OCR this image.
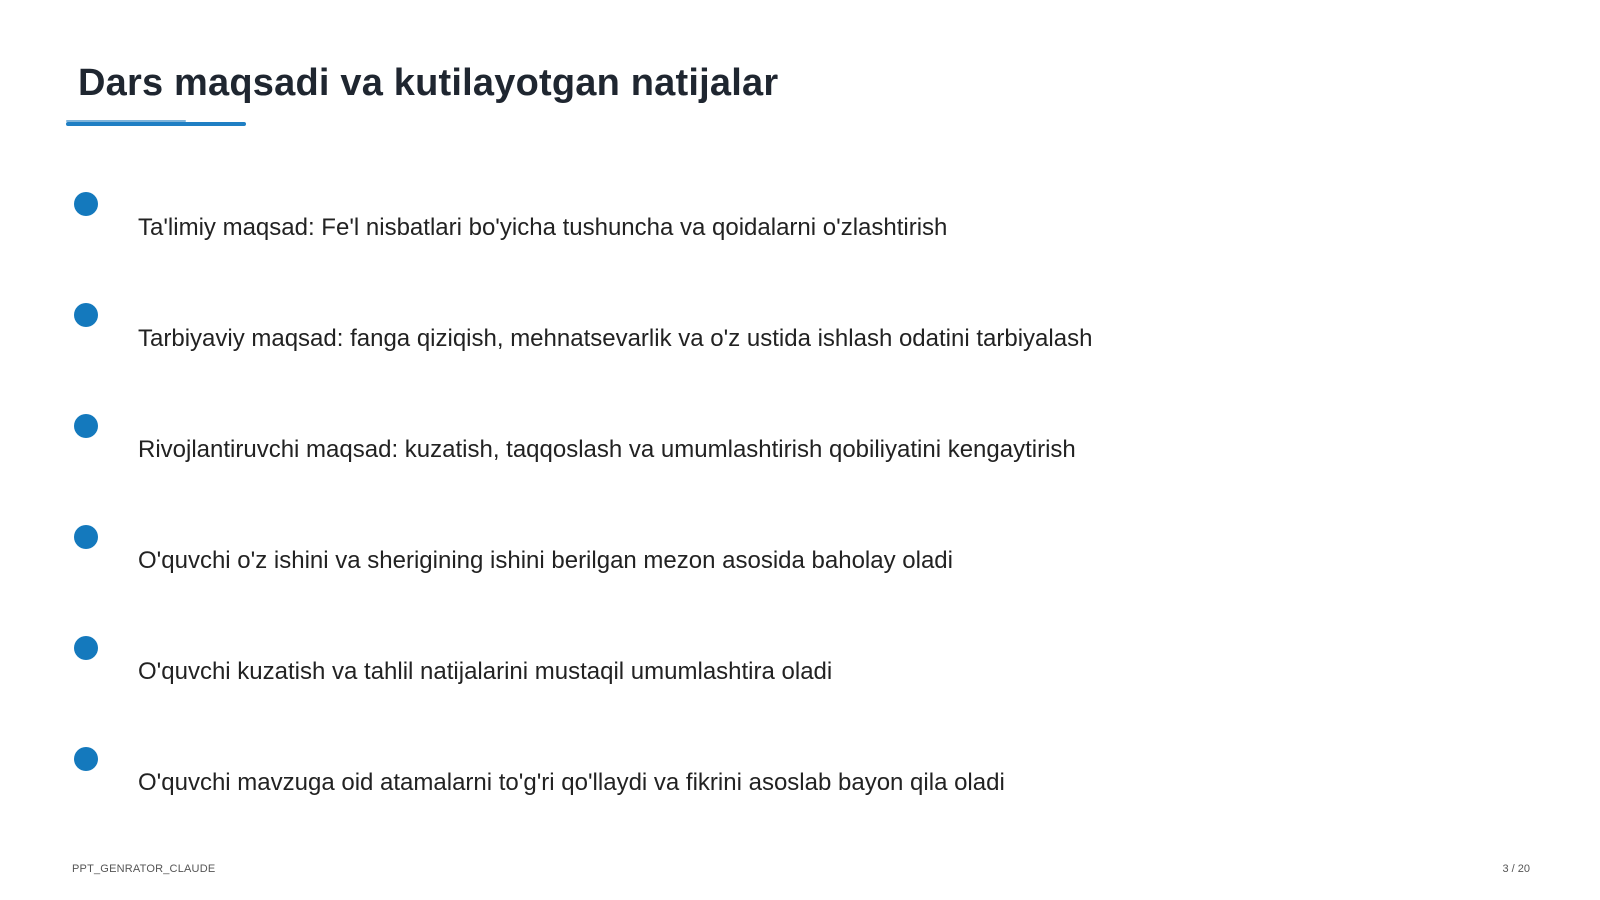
Dars maqsadi va kutilayotgan natijalar
Ta'limiy maqsad: Fe'l nisbatlari bo'yicha tushuncha va qoidalarni o'zlashtirish
Tarbiyaviy maqsad: fanga qiziqish, mehnatsevarlik va o'z ustida ishlash odatini tarbiyalash
Rivojlantiruvchi maqsad: kuzatish, taqqoslash va umumlashtirish qobiliyatini kengaytirish
O'quvchi o'z ishini va sherigining ishini berilgan mezon asosida baholay oladi
O'quvchi kuzatish va tahlil natijalarini mustaqil umumlashtira oladi
O'quvchi mavzuga oid atamalarni to'g'ri qo'llaydi va fikrini asoslab bayon qila oladi
PPT_GENRATOR_CLAUDE	3 / 20
